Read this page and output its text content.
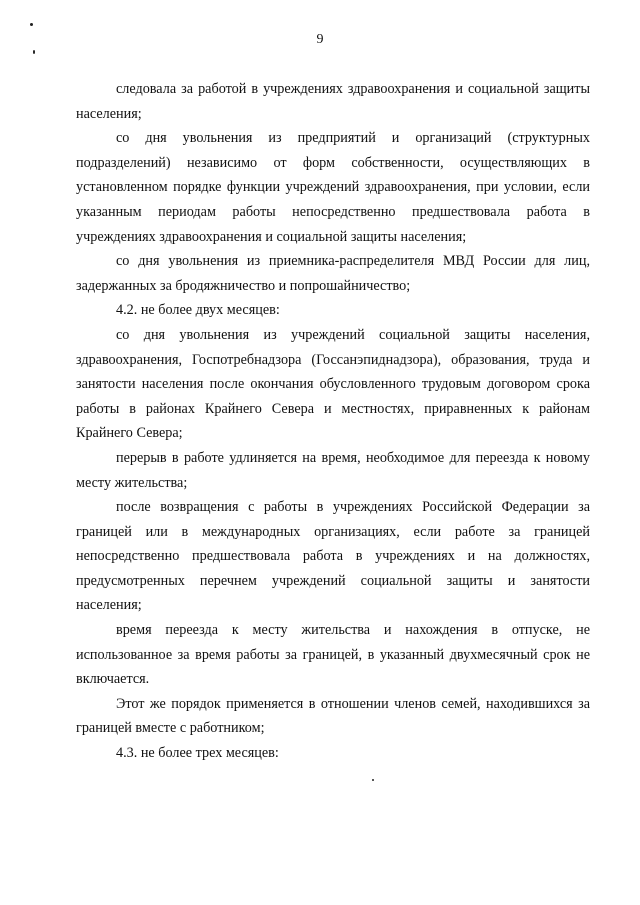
9

следовала за работой в учреждениях здравоохранения и социальной защиты населения;

со дня увольнения из предприятий и организаций (структурных подразделений) независимо от форм собственности, осуществляющих в установленном порядке функции учреждений здравоохранения, при условии, если указанным периодам работы непосредственно предшествовала работа в учреждениях здравоохранения и социальной защиты населения;

со дня увольнения из приемника-распределителя МВД России для лиц, задержанных за бродяжничество и попрошайничество;

4.2. не более двух месяцев:

со дня увольнения из учреждений социальной защиты населения, здравоохранения, Госпотребнадзора (Госсанэпиднадзора), образования, труда и занятости населения после окончания обусловленного трудовым договором срока работы в районах Крайнего Севера и местностях, приравненных к районам Крайнего Севера;

перерыв в работе удлиняется на время, необходимое для переезда к новому месту жительства;

после возвращения с работы в учреждениях Российской Федерации за границей или в международных организациях, если работе за границей непосредственно предшествовала работа в учреждениях и на должностях, предусмотренных перечнем учреждений социальной защиты и занятости населения;

время переезда к месту жительства и нахождения в отпуске, не использованное за время работы за границей, в указанный двухмесячный срок не включается.

Этот же порядок применяется в отношении членов семей, находившихся за границей вместе с работником;

4.3. не более трех месяцев:
